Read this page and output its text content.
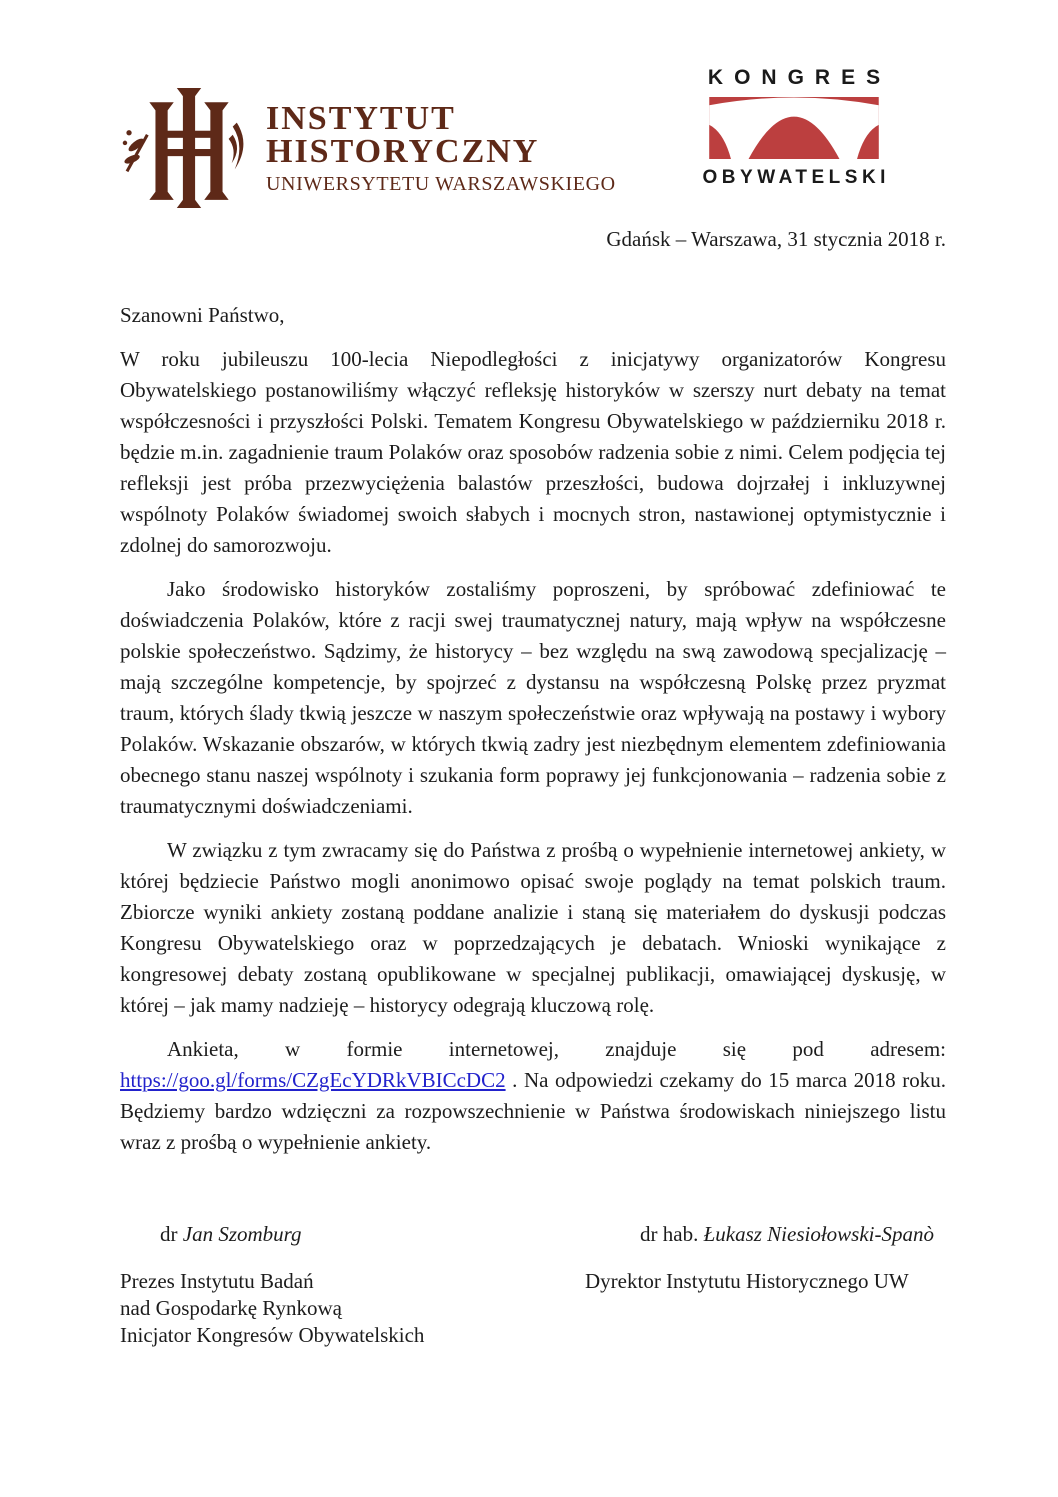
INSTYTUT
HISTORYCZNY
UNIWERSYTETU WARSZAWSKIEGO
KONGRES
OBYWATELSKI
Gdańsk – Warszawa, 31 stycznia 2018 r.

Szanowni Państwo,

W roku jubileuszu 100-lecia Niepodległości z inicjatywy organizatorów Kongresu Obywatelskiego postanowiliśmy włączyć refleksję historyków w szerszy nurt debaty na temat współczesności i przyszłości Polski. Tematem Kongresu Obywatelskiego w październiku 2018 r. będzie m.in. zagadnienie traum Polaków oraz sposobów radzenia sobie z nimi. Celem podjęcia tej refleksji jest próba przezwyciężenia balastów przeszłości, budowa dojrzałej i inkluzywnej wspólnoty Polaków świadomej swoich słabych i mocnych stron, nastawionej optymistycznie i zdolnej do samorozwoju.

Jako środowisko historyków zostaliśmy poproszeni, by spróbować zdefiniować te doświadczenia Polaków, które z racji swej traumatycznej natury, mają wpływ na współczesne polskie społeczeństwo. Sądzimy, że historycy – bez względu na swą zawodową specjalizację – mają szczególne kompetencje, by spojrzeć z dystansu na współczesną Polskę przez pryzmat traum, których ślady tkwią jeszcze w naszym społeczeństwie oraz wpływają na postawy i wybory Polaków. Wskazanie obszarów, w których tkwią zadry jest niezbędnym elementem zdefiniowania obecnego stanu naszej wspólnoty i szukania form poprawy jej funkcjonowania – radzenia sobie z traumatycznymi doświadczeniami.

W związku z tym zwracamy się do Państwa z prośbą o wypełnienie internetowej ankiety, w której będziecie Państwo mogli anonimowo opisać swoje poglądy na temat polskich traum. Zbiorcze wyniki ankiety zostaną poddane analizie i staną się materiałem do dyskusji podczas Kongresu Obywatelskiego oraz w poprzedzających je debatach. Wnioski wynikające z kongresowej debaty zostaną opublikowane w specjalnej publikacji, omawiającej dyskusję, w której – jak mamy nadzieję – historycy odegrają kluczową rolę.

Ankieta, w formie internetowej, znajduje się pod adresem: https://goo.gl/forms/CZgEcYDRkVBICcDC2 . Na odpowiedzi czekamy do 15 marca 2018 roku. Będziemy bardzo wdzięczni za rozpowszechnienie w Państwa środowiskach niniejszego listu wraz z prośbą o wypełnienie ankiety.

dr Jan Szomburg	dr hab. Łukasz Niesiołowski-Spanò
Prezes Instytutu Badań
nad Gospodarkę Rynkową
Inicjator Kongresów Obywatelskich
Dyrektor Instytutu Historycznego UW
